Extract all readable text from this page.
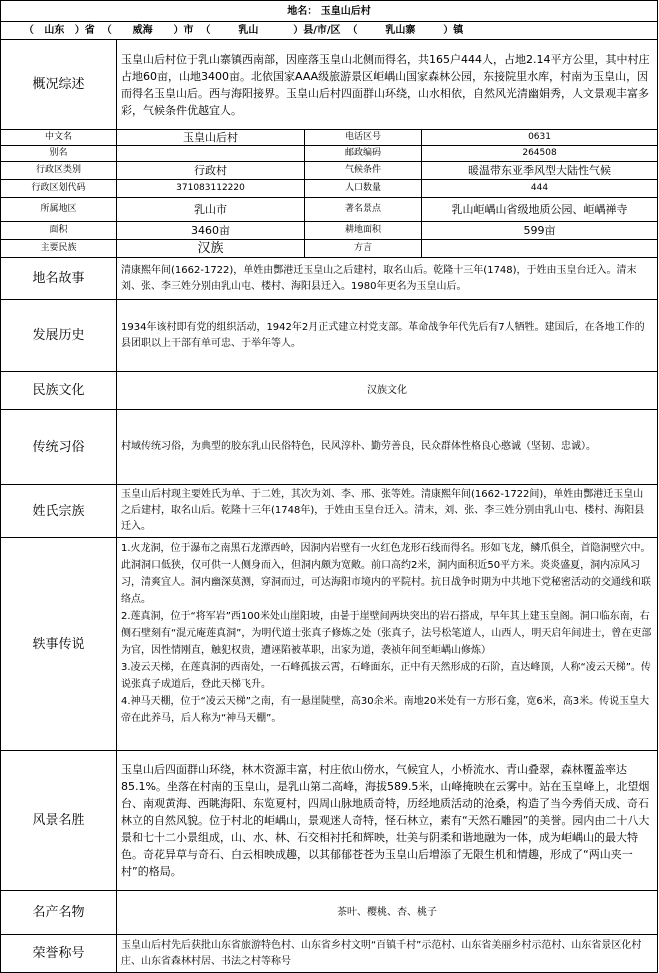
地名： 玉皇山后村			
（   山东   ）省  （      威海      ）市  （        乳山          ）县/市/区  （        乳山寨        ）镇			
概况综述	玉皇山后村位于乳山寨镇西南部，因座落玉皇山北侧而得名，共165户444人，占地2.14平方公里，其中村庄占地60亩，山地3400亩。北依国家AAA级旅游景区岠嵎山国家森林公园，东接院里水库，村南为玉皇山，因而得名玉皇山后。西与海阳接界。玉皇山后村四面群山环绕，山水相依，自然风光清幽娟秀，人文景观丰富多彩，气候条件优越宜人。		
中文名	玉皇山后村	电话区号	0631
别名		邮政编码	264508
行政区类别	行政村	气候条件	暖温带东亚季风型大陆性气候
行政区划代码	371083112220	人口数量	444
所属地区	乳山市	著名景点	乳山岠嵎山省级地质公园、岠嵎禅寺
面积	3460亩	耕地面积	599亩
主要民族	汉族	方言	
地名故事	清康熙年间(1662-1722)，单姓由酆港迁玉皇山之后建村，取名山后。乾隆十三年(1748)，于姓由玉皇台迁入。清末刘、张、李三姓分别由乳山屯、楼村、海阳县迁入。1980年更名为玉皇山后。		
发展历史	1934年该村即有党的组织活动，1942年2月正式建立村党支部。革命战争年代先后有7人牺牲。建国后，在各地工作的县团职以上干部有单可忠、于举年等人。		
民族文化	汉族文化		
传统习俗	村域传统习俗，为典型的胶东乳山民俗特色，民风淳朴、勤劳善良，民众群体性格良心憨诚（坚韧、忠诚）。		
姓氏宗族	玉皇山后村现主要姓氏为单、于二姓，其次为刘、李、邢、张等姓。清康熙年间(1662-1722间)，单姓由酆港迁玉皇山之后建村，取名山后。乾隆十三年(1748年)，于姓由玉皇台迁入。清末，刘、张、李三姓分别由乳山屯、楼村、海阳县迁入。		
轶事传说	1.火龙洞，位于瀑布之南黑石龙潭西岭，因洞内岩壁有一火红色龙形石线而得名。形如飞龙，鳞爪俱全，首隐洞壁穴中。此洞洞口低狭，仅可供一人侧身而入，但洞内颇为宽敞。前口高约2米，洞内面积近50平方米。炎炎盛夏，洞内凉风习习，清爽宜人。洞内幽深莫测，穿洞而过，可达海阳市境内的平院村。抗日战争时期为中共地下党秘密活动的交通线和联络点。
2.莲真洞，位于“将军岩”西100米处山崖阳坡，由붙于崖壁间两块突出的岩石搭成，早年其上建玉皇阁。洞口临东南，右侧石壁刻有“混元庵莲真洞”，为明代道士张真子修炼之处（张真子，法号松笔道人，山西人，明天启年间进士，曾在吏部为官，因性情刚直，触犯权贵，遭诬陷被革职，出家为道，袭祯年间至岠嵎山修炼）
3.凌云天梯，在莲真洞的西南处，一石峰孤拔云霄，石峰面东，正中有天然形成的石阶，直达峰顶，人称“凌云天梯”。传说张真子成道后，登此天梯飞升。
4.神马天棚，位于“凌云天梯”之南，有一悬崖陡壁，高30余米。南地20米处有一方形石龛，宽6米，高3米。传说玉皇大帝在此养马，后人称为“神马天棚”。		

风景名胜	玉皇山后四面群山环绕，林木资源丰富，村庄依山傍水，气候宜人，小桥流水、青山叠翠，森林覆盖率达85.1%。坐落在村南的玉皇山，是乳山第二高峰，海拔589.5米，山峰掩映在云雾中。站在玉皇峰上，北望烟台、南观黄海、西眺海阳、东览夏村，四周山脉地质奇特，历经地质活动的沧桑，构造了当今秀俏天成、奇石林立的自然风貌。位于村北的岠嵎山，景观迷人奇特，怪石林立，素有“天然石雕园”的美誉。园内由二十八大景和七十二小景组成，山、水、林、石交相衬托和辉映，壮美与阴柔和谐地融为一体，成为岠嵎山的最大特色。奇花异草与奇石、白云相映成趣，以其郁郁苍苍为玉皇山后增添了无限生机和情趣，形成了“两山夹一村”的格局。		
名产名物	茶叶、樱桃、杏、桃子		
荣誉称号	玉皇山后村先后获批山东省旅游特色村、山东省乡村文明“百镇千村”示范村、山东省美丽乡村示范村、山东省景区化村庄、山东省森林村居、书法之村等称号		
